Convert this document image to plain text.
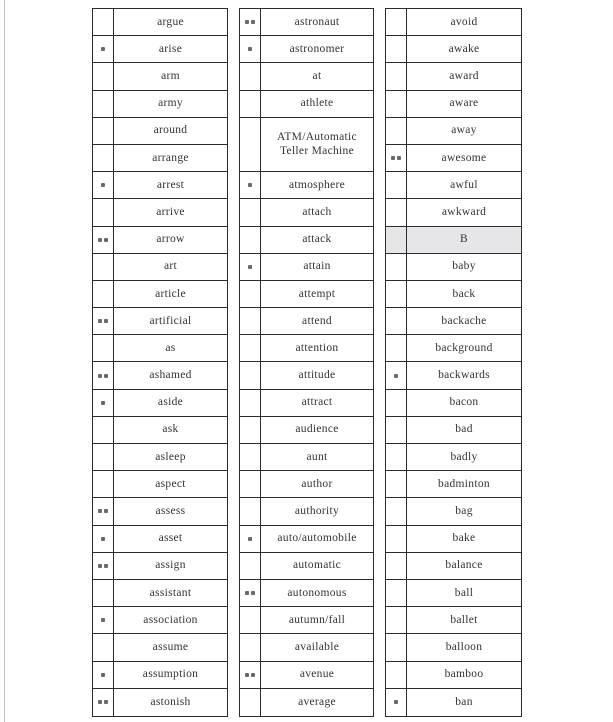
argue
arise
arm
army
around
arrange
arrest
arrive
arrow
art
article
artificial
as
ashamed
aside
ask
asleep
aspect
assess
asset
assign
assistant
association
assume
assumption
astonish
astronaut
astronomer
at
athlete
ATM/Automatic Teller Machine
atmosphere
attach
attack
attain
attempt
attend
attention
attitude
attract
audience
aunt
author
authority
auto/automobile
automatic
autonomous
autumn/fall
available
avenue
average
avoid
awake
award
aware
away
awesome
awful
awkward
B
baby
back
backache
background
backwards
bacon
bad
badly
badminton
bag
bake
balance
ball
ballet
balloon
bamboo
ban
